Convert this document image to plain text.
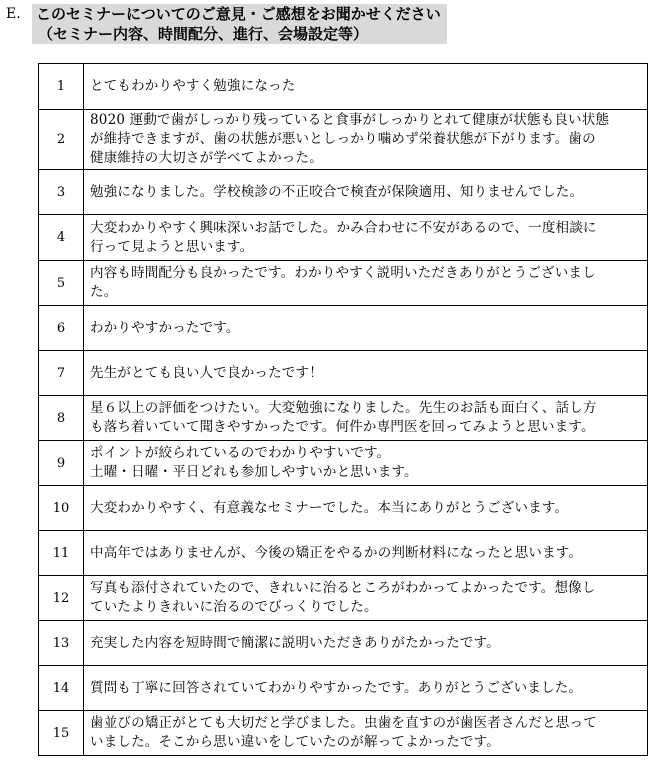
E.	このセミナーについてのご意見・ご感想をお聞かせください
（セミナー内容、時間配分、進行、会場設定等）
1	とてもわかりやすく勉強になった

2	8020 運動で歯がしっかり残っていると食事がしっかりとれて健康が状態も良い状態
が維持できますが、歯の状態が悪いとしっかり噛めず栄養状態が下がります。歯の
健康維持の大切さが学べてよかった。

3	勉強になりました。学校検診の不正咬合で検査が保険適用、知りませんでした。

4	大変わかりやすく興味深いお話でした。かみ合わせに不安があるので、一度相談に
行って見ようと思います。

5	内容も時間配分も良かったです。わかりやすく説明いただきありがとうございまし
た。

6	わかりやすかったです。

7	先生がとても良い人で良かったです！

8	星６以上の評価をつけたい。大変勉強になりました。先生のお話も面白く、話し方
も落ち着いていて聞きやすかったです。何件か専門医を回ってみようと思います。

9	ポイントが絞られているのでわかりやすいです。
土曜・日曜・平日どれも参加しやすいかと思います。

10	大変わかりやすく、有意義なセミナーでした。本当にありがとうございます。

11	中高年ではありませんが、今後の矯正をやるかの判断材料になったと思います。

12	写真も添付されていたので、きれいに治るところがわかってよかったです。想像し
ていたよりきれいに治るのでびっくりでした。

13	充実した内容を短時間で簡潔に説明いただきありがたかったです。

14	質問も丁寧に回答されていてわかりやすかったです。ありがとうございました。

15	歯並びの矯正がとても大切だと学びました。虫歯を直すのが歯医者さんだと思って
いました。そこから思い違いをしていたのが解ってよかったです。
